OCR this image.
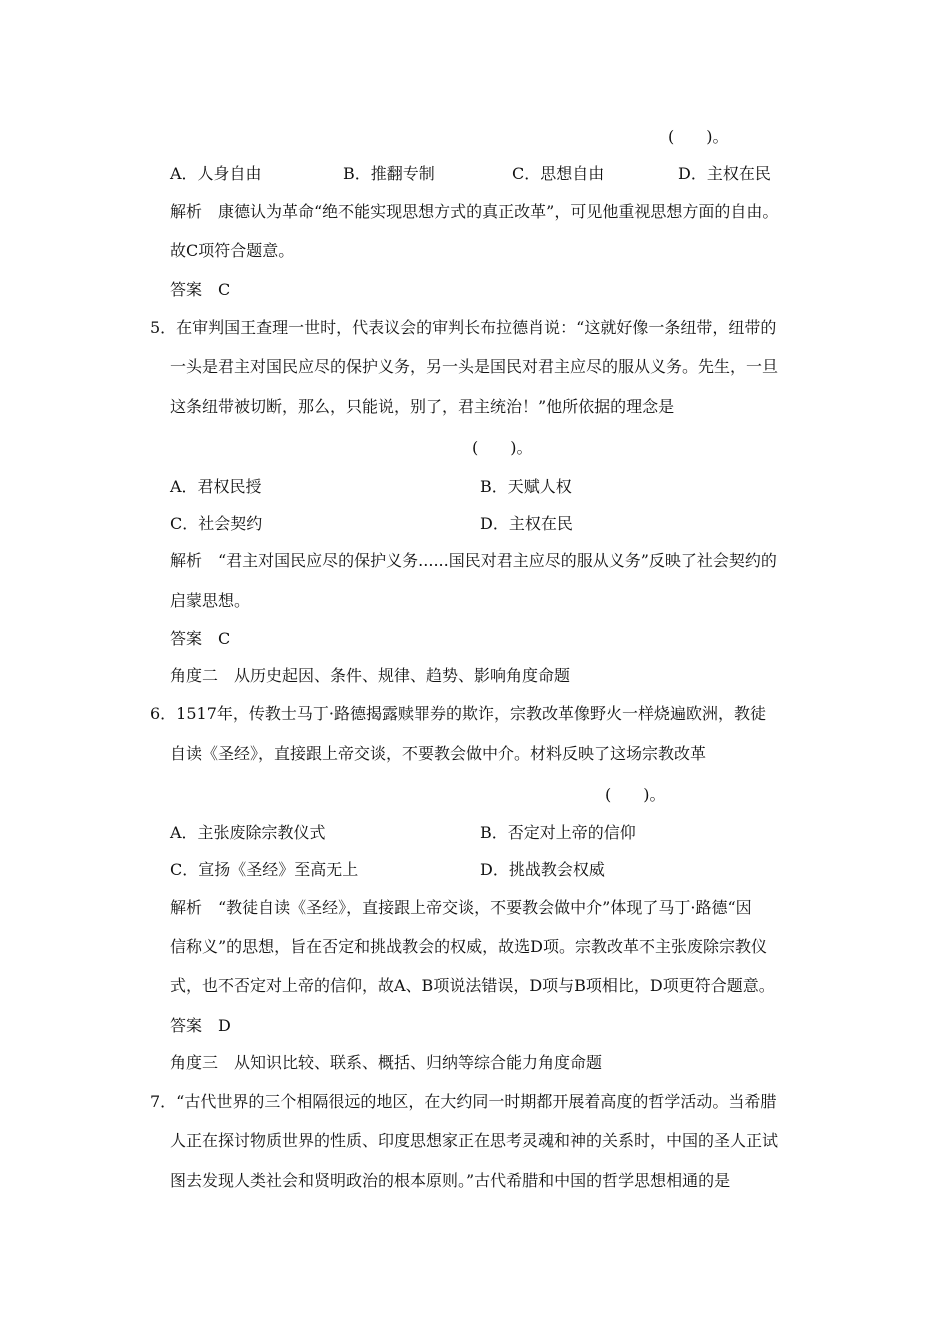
(　　)。
A．人身自由	B．推翻专制	C．思想自由	D．主权在民
解析　康德认为革命“绝不能实现思想方式的真正改革”，可见他重视思想方面的自由。
故C项符合题意。
答案　C
5．在审判国王查理一世时，代表议会的审判长布拉德肖说：“这就好像一条纽带，纽带的
一头是君主对国民应尽的保护义务，另一头是国民对君主应尽的服从义务。先生，一旦
这条纽带被切断，那么，只能说，别了，君主统治！”他所依据的理念是
(　　)。
A．君权民授	B．天赋人权
C．社会契约	D．主权在民
解析　“君主对国民应尽的保护义务......国民对君主应尽的服从义务”反映了社会契约的
启蒙思想。
答案　C
角度二　从历史起因、条件、规律、趋势、影响角度命题
6．1517年，传教士马丁·路德揭露赎罪券的欺诈，宗教改革像野火一样烧遍欧洲，教徒
自读《圣经》，直接跟上帝交谈，不要教会做中介。材料反映了这场宗教改革
(　　)。
A．主张废除宗教仪式	B．否定对上帝的信仰
C．宣扬《圣经》至高无上	D．挑战教会权威
解析　“教徒自读《圣经》，直接跟上帝交谈，不要教会做中介”体现了马丁·路德“因
信称义”的思想，旨在否定和挑战教会的权威，故选D项。宗教改革不主张废除宗教仪
式，也不否定对上帝的信仰，故A、B项说法错误，D项与B项相比，D项更符合题意。
答案　D
角度三　从知识比较、联系、概括、归纳等综合能力角度命题
7．“古代世界的三个相隔很远的地区，在大约同一时期都开展着高度的哲学活动。当希腊
人正在探讨物质世界的性质、印度思想家正在思考灵魂和神的关系时，中国的圣人正试
图去发现人类社会和贤明政治的根本原则。”古代希腊和中国的哲学思想相通的是
